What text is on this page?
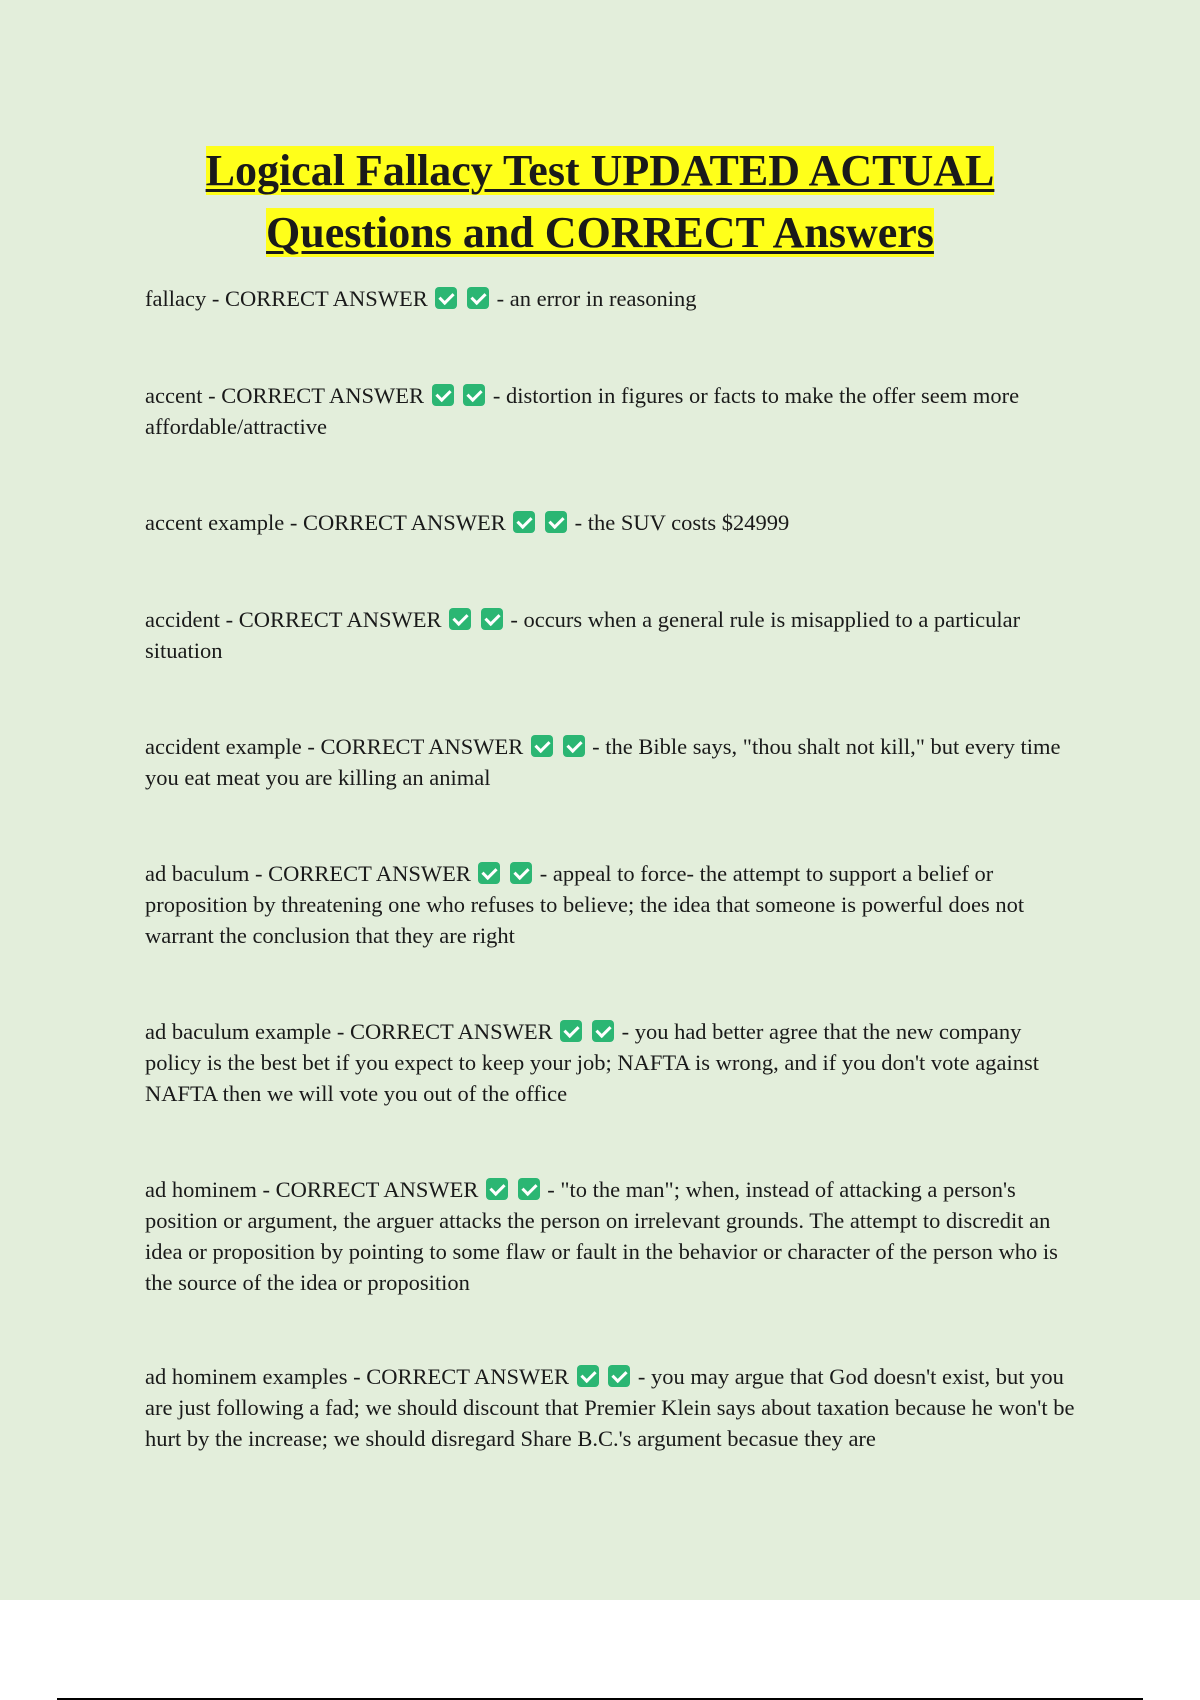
Logical Fallacy Test UPDATED ACTUAL
Questions and CORRECT Answers

fallacy - CORRECT ANSWER	- an error in reasoning

accent - CORRECT ANSWER	- distortion in figures or facts to make the offer seem more affordable/attractive

accent example - CORRECT ANSWER	- the SUV costs $24999

accident - CORRECT ANSWER	- occurs when a general rule is misapplied to a particular situation

accident example - CORRECT ANSWER	- the Bible says, "thou shalt not kill," but every time you eat meat you are killing an animal

ad baculum - CORRECT ANSWER	- appeal to force- the attempt to support a belief or proposition by threatening one who refuses to believe; the idea that someone is powerful does not warrant the conclusion that they are right

ad baculum example - CORRECT ANSWER	- you had better agree that the new company policy is the best bet if you expect to keep your job; NAFTA is wrong, and if you don't vote against NAFTA then we will vote you out of the office

ad hominem - CORRECT ANSWER	- "to the man"; when, instead of attacking a person's position or argument, the arguer attacks the person on irrelevant grounds. The attempt to discredit an idea or proposition by pointing to some flaw or fault in the behavior or character of the person who is the source of the idea or proposition

ad hominem examples - CORRECT ANSWER	- you may argue that God doesn't exist, but you are just following a fad; we should discount that Premier Klein says about taxation because he won't be hurt by the increase; we should disregard Share B.C.'s argument becasue they are
